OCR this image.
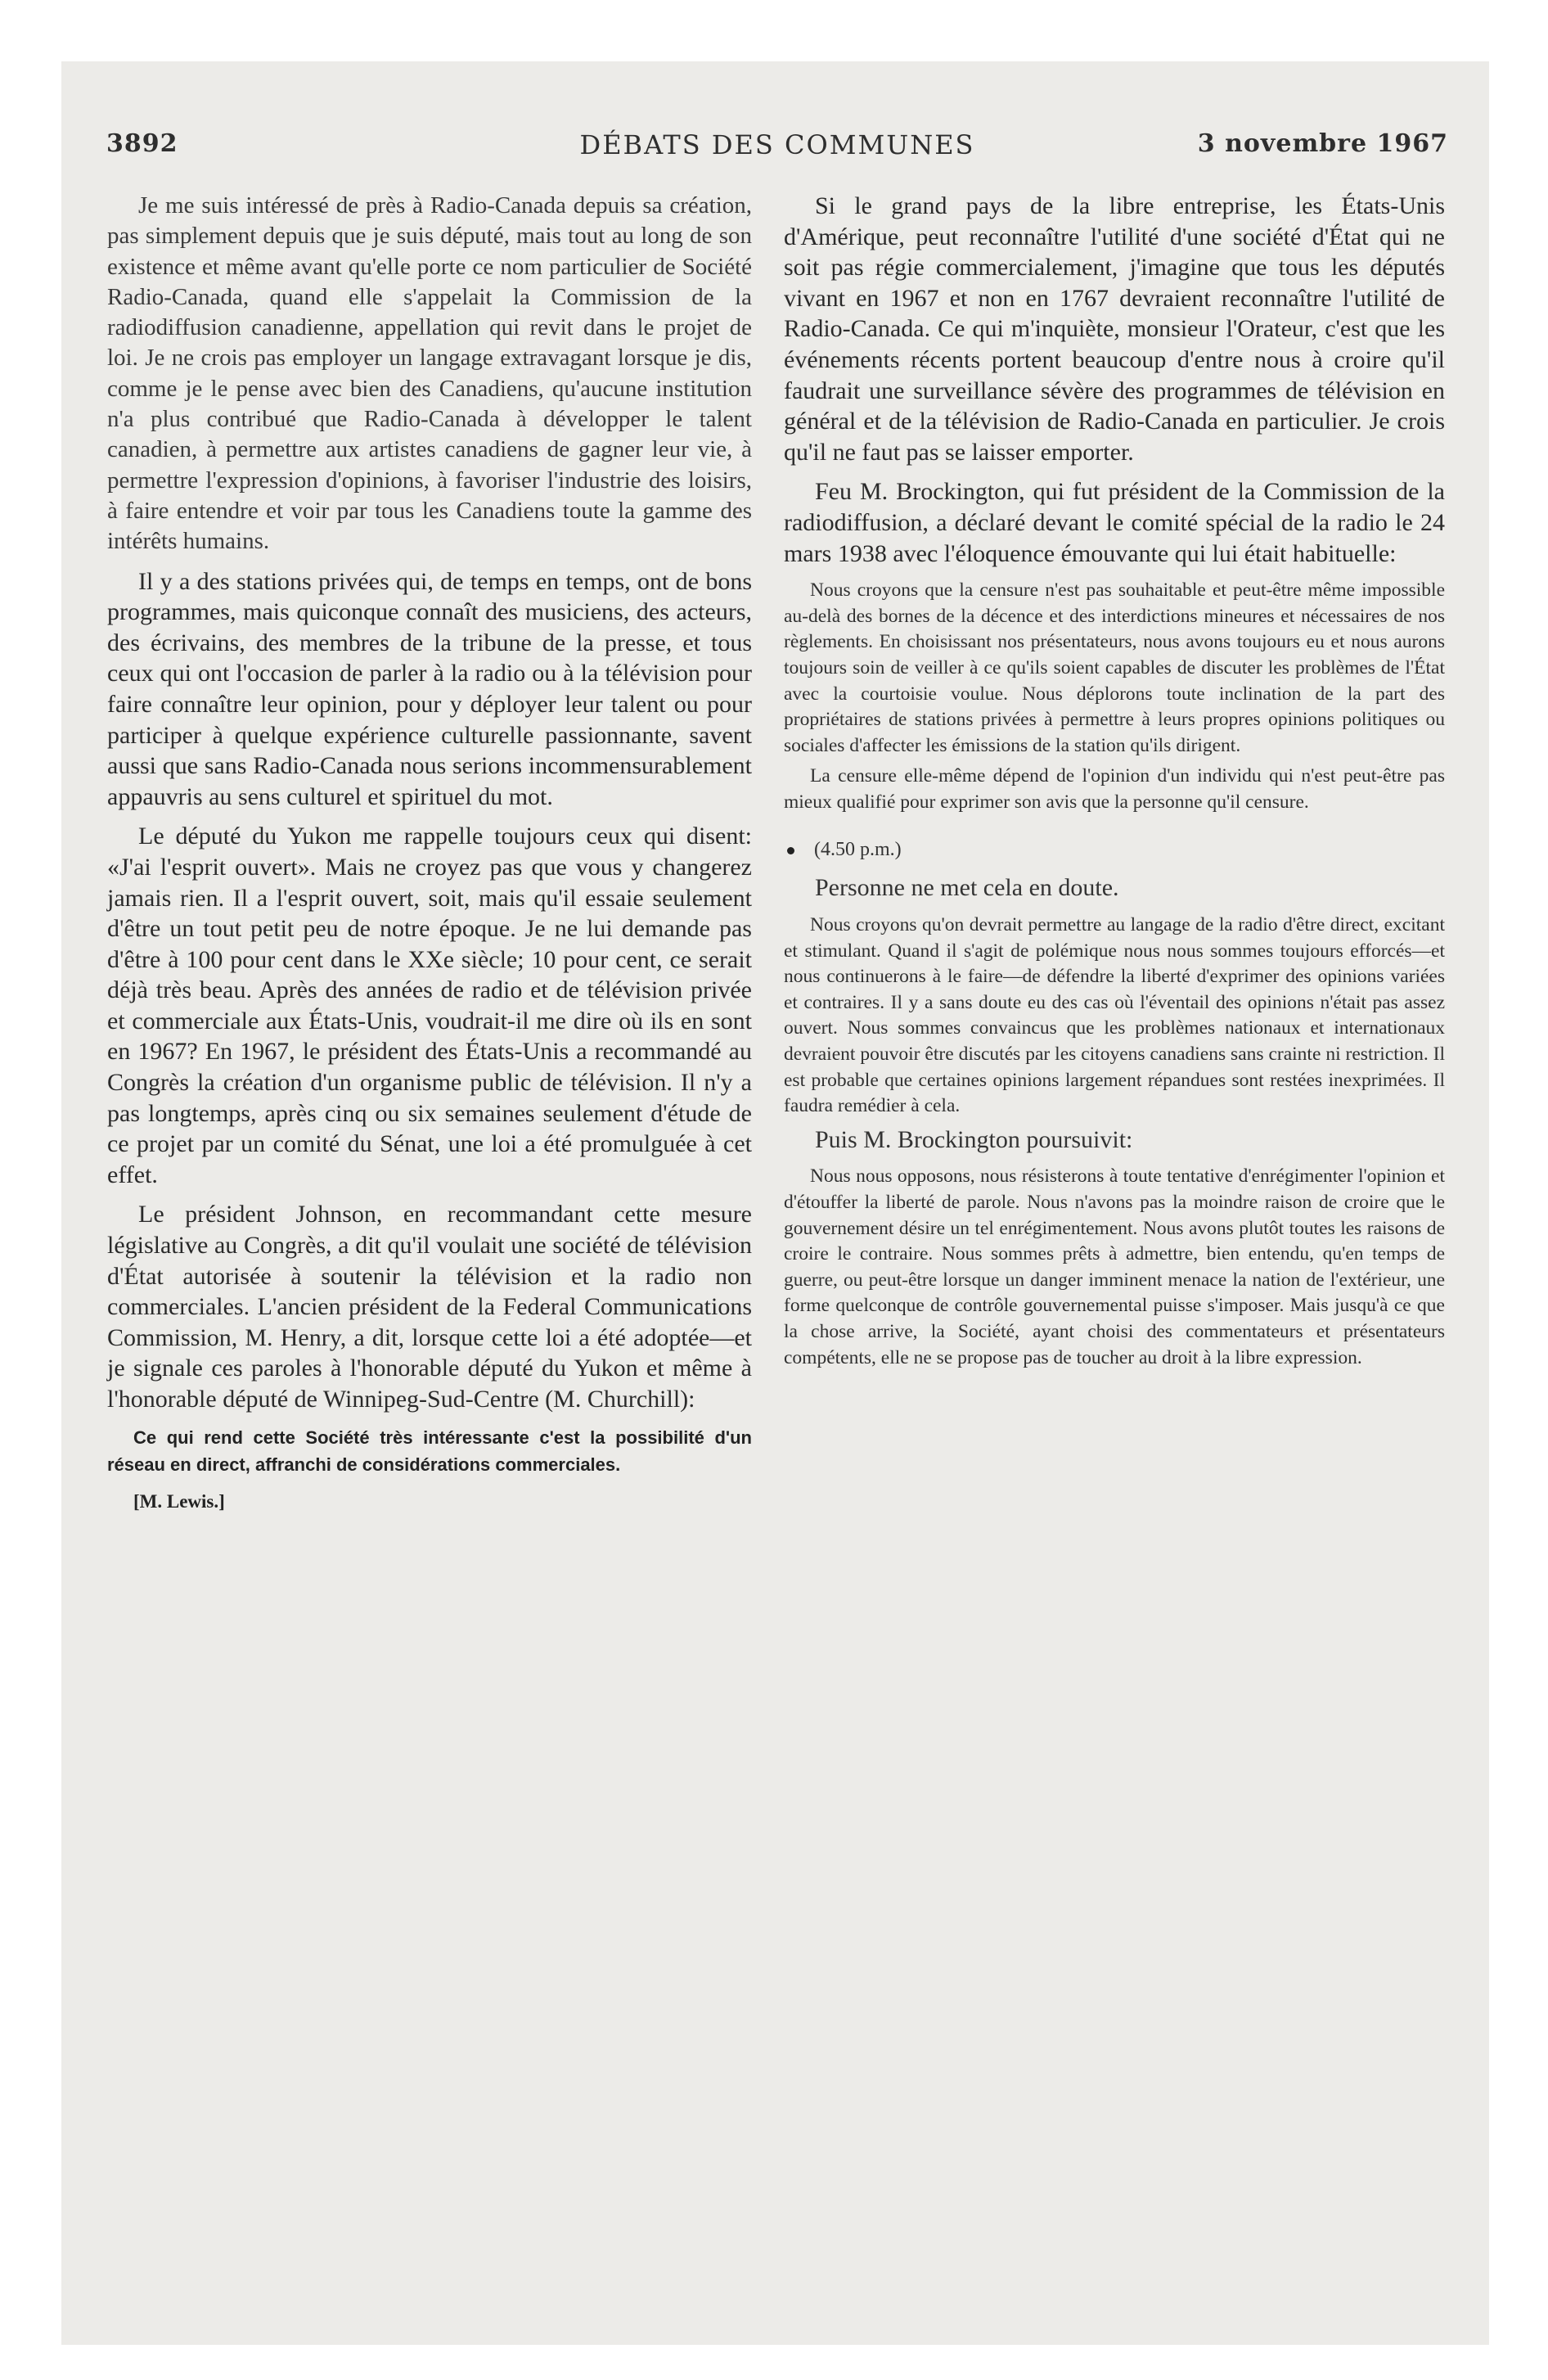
3892	DÉBATS DES COMMUNES	3 novembre 1967

Je me suis intéressé de près à Radio-Canada depuis sa création, pas simplement depuis que je suis député, mais tout au long de son existence et même avant qu'elle porte ce nom particulier de Société Radio-Canada, quand elle s'appelait la Commission de la radiodiffusion canadienne, appellation qui revit dans le projet de loi. Je ne crois pas employer un langage extravagant lorsque je dis, comme je le pense avec bien des Canadiens, qu'aucune institution n'a plus contribué que Radio-Canada à développer le talent canadien, à permettre aux artistes canadiens de gagner leur vie, à permettre l'expression d'opinions, à favoriser l'industrie des loisirs, à faire entendre et voir par tous les Canadiens toute la gamme des intérêts humains.

Il y a des stations privées qui, de temps en temps, ont de bons programmes, mais quiconque connaît des musiciens, des acteurs, des écrivains, des membres de la tribune de la presse, et tous ceux qui ont l'occasion de parler à la radio ou à la télévision pour faire connaître leur opinion, pour y déployer leur talent ou pour participer à quelque expérience culturelle passionnante, savent aussi que sans Radio-Canada nous serions incommensurablement appauvris au sens culturel et spirituel du mot.

Le député du Yukon me rappelle toujours ceux qui disent: «J'ai l'esprit ouvert». Mais ne croyez pas que vous y changerez jamais rien. Il a l'esprit ouvert, soit, mais qu'il essaie seulement d'être un tout petit peu de notre époque. Je ne lui demande pas d'être à 100 pour cent dans le XXe siècle; 10 pour cent, ce serait déjà très beau. Après des années de radio et de télévision privée et commerciale aux États-Unis, voudrait-il me dire où ils en sont en 1967? En 1967, le président des États-Unis a recommandé au Congrès la création d'un organisme public de télévision. Il n'y a pas longtemps, après cinq ou six semaines seulement d'étude de ce projet par un comité du Sénat, une loi a été promulguée à cet effet.

Le président Johnson, en recommandant cette mesure législative au Congrès, a dit qu'il voulait une société de télévision d'État autorisée à soutenir la télévision et la radio non commerciales. L'ancien président de la Federal Communications Commission, M. Henry, a dit, lorsque cette loi a été adoptée—et je signale ces paroles à l'honorable député du Yukon et même à l'honorable député de Winnipeg-Sud-Centre (M. Churchill):

Ce qui rend cette Société très intéressante c'est la possibilité d'un réseau en direct, affranchi de considérations commerciales.

[M. Lewis.]

Si le grand pays de la libre entreprise, les États-Unis d'Amérique, peut reconnaître l'utilité d'une société d'État qui ne soit pas régie commercialement, j'imagine que tous les députés vivant en 1967 et non en 1767 devraient reconnaître l'utilité de Radio-Canada. Ce qui m'inquiète, monsieur l'Orateur, c'est que les événements récents portent beaucoup d'entre nous à croire qu'il faudrait une surveillance sévère des programmes de télévision en général et de la télévision de Radio-Canada en particulier. Je crois qu'il ne faut pas se laisser emporter.

Feu M. Brockington, qui fut président de la Commission de la radiodiffusion, a déclaré devant le comité spécial de la radio le 24 mars 1938 avec l'éloquence émouvante qui lui était habituelle:

Nous croyons que la censure n'est pas souhaitable et peut-être même impossible au-delà des bornes de la décence et des interdictions mineures et nécessaires de nos règlements. En choisissant nos présentateurs, nous avons toujours eu et nous aurons toujours soin de veiller à ce qu'ils soient capables de discuter les problèmes de l'État avec la courtoisie voulue. Nous déplorons toute inclination de la part des propriétaires de stations privées à permettre à leurs propres opinions politiques ou sociales d'affecter les émissions de la station qu'ils dirigent.

La censure elle-même dépend de l'opinion d'un individu qui n'est peut-être pas mieux qualifié pour exprimer son avis que la personne qu'il censure.

(4.50 p.m.)

Personne ne met cela en doute.

Nous croyons qu'on devrait permettre au langage de la radio d'être direct, excitant et stimulant. Quand il s'agit de polémique nous nous sommes toujours efforcés—et nous continuerons à le faire—de défendre la liberté d'exprimer des opinions variées et contraires. Il y a sans doute eu des cas où l'éventail des opinions n'était pas assez ouvert. Nous sommes convaincus que les problèmes nationaux et internationaux devraient pouvoir être discutés par les citoyens canadiens sans crainte ni restriction. Il est probable que certaines opinions largement répandues sont restées inexprimées. Il faudra remédier à cela.

Puis M. Brockington poursuivit:

Nous nous opposons, nous résisterons à toute tentative d'enrégimenter l'opinion et d'étouffer la liberté de parole. Nous n'avons pas la moindre raison de croire que le gouvernement désire un tel enrégimentement. Nous avons plutôt toutes les raisons de croire le contraire. Nous sommes prêts à admettre, bien entendu, qu'en temps de guerre, ou peut-être lorsque un danger imminent menace la nation de l'extérieur, une forme quelconque de contrôle gouvernemental puisse s'imposer. Mais jusqu'à ce que la chose arrive, la Société, ayant choisi des commentateurs et présentateurs compétents, elle ne se propose pas de toucher au droit à la libre expression.
